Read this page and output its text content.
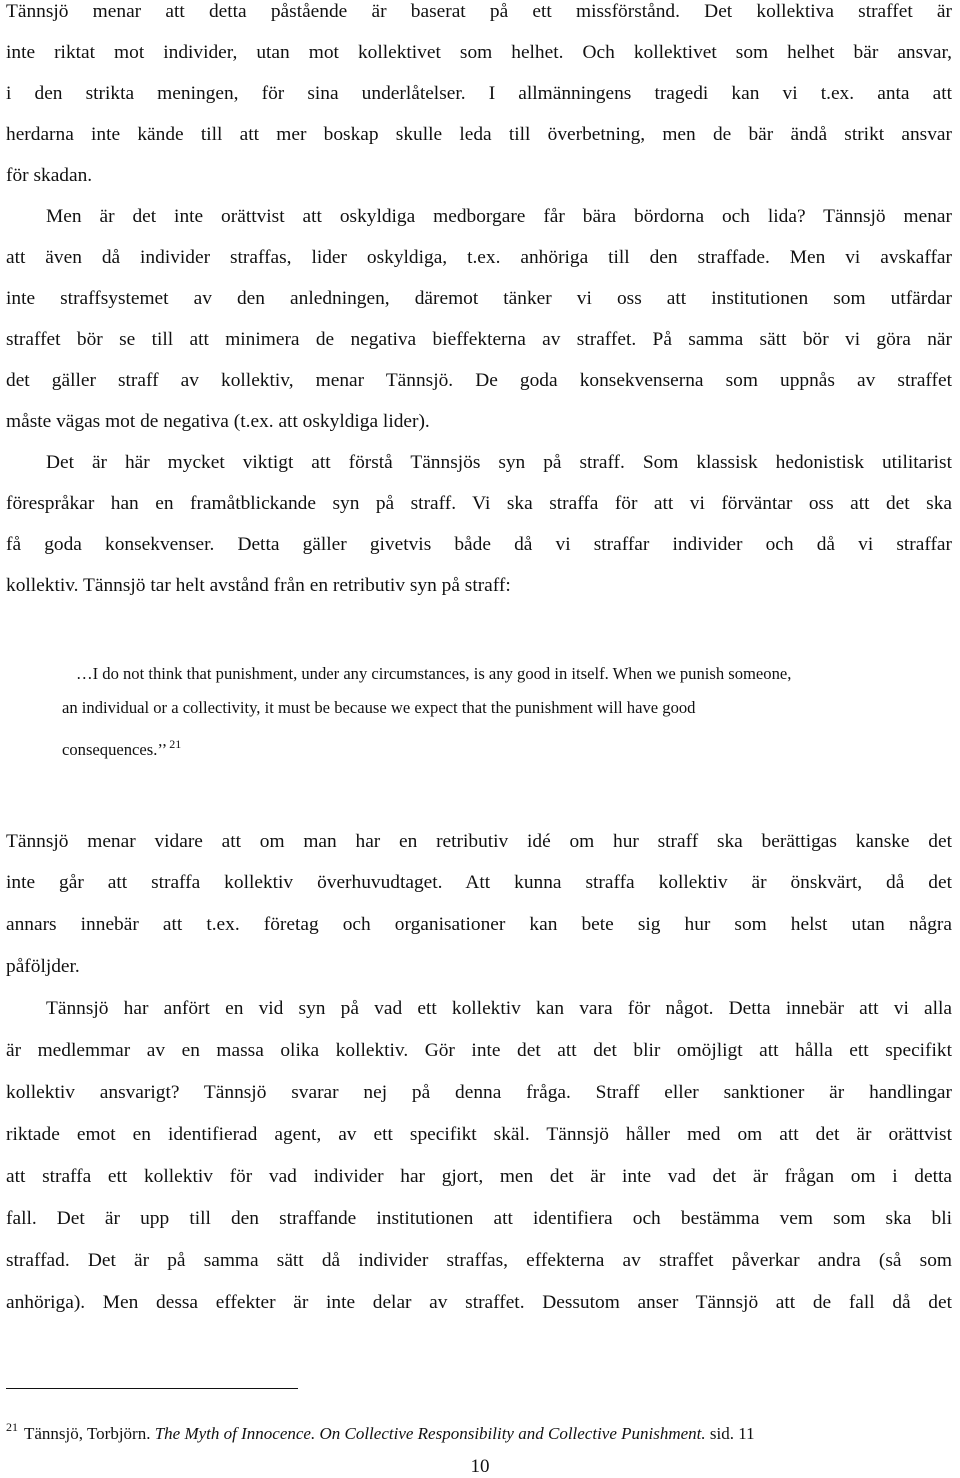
Tännsjö menar att detta påstående är baserat på ett missförstånd. Det kollektiva straffet är
inte riktat mot individer, utan mot kollektivet som helhet. Och kollektivet som helhet bär ansvar,
i den strikta meningen, för sina underlåtelser. I allmänningens tragedi kan vi t.ex. anta att
herdarna inte kände till att mer boskap skulle leda till överbetning, men de bär ändå strikt ansvar
för skadan.
Men är det inte orättvist att oskyldiga medborgare får bära bördorna och lida? Tännsjö menar
att även då individer straffas, lider oskyldiga, t.ex. anhöriga till den straffade. Men vi avskaffar
inte straffsystemet av den anledningen, däremot tänker vi oss att institutionen som utfärdar
straffet bör se till att minimera de negativa bieffekterna av straffet. På samma sätt bör vi göra när
det gäller straff av kollektiv, menar Tännsjö. De goda konsekvenserna som uppnås av straffet
måste vägas mot de negativa (t.ex. att oskyldiga lider).
Det är här mycket viktigt att förstå Tännsjös syn på straff. Som klassisk hedonistisk utilitarist
förespråkar han en framåtblickande syn på straff. Vi ska straffa för att vi förväntar oss att det ska
få goda konsekvenser. Detta gäller givetvis både då vi straffar individer och då vi straffar
kollektiv. Tännsjö tar helt avstånd från en retributiv syn på straff:
…I do not think that punishment, under any circumstances, is any good in itself. When we punish someone,
an individual or a collectivity, it must be because we expect that the punishment will have good
consequences.’’ $^{21}$
Tännsjö menar vidare att om man har en retributiv idé om hur straff ska berättigas kanske det
inte går att straffa kollektiv överhuvudtaget. Att kunna straffa kollektiv är önskvärt, då det
annars innebär att t.ex. företag och organisationer kan bete sig hur som helst utan några
påföljder.
Tännsjö har anfört en vid syn på vad ett kollektiv kan vara för något. Detta innebär att vi alla
är medlemmar av en massa olika kollektiv. Gör inte det att det blir omöjligt att hålla ett specifikt
kollektiv ansvarigt? Tännsjö svarar nej på denna fråga. Straff eller sanktioner är handlingar
riktade emot en identifierad agent, av ett specifikt skäl. Tännsjö håller med om att det är orättvist
att straffa ett kollektiv för vad individer har gjort, men det är inte vad det är frågan om i detta
fall. Det är upp till den straffande institutionen att identifiera och bestämma vem som ska bli
straffad. Det är på samma sätt då individer straffas, effekterna av straffet påverkar andra (så som
anhöriga). Men dessa effekter är inte delar av straffet. Dessutom anser Tännsjö att de fall då det
$^{21}$ Tännsjö, Torbjörn. The Myth of Innocence. On Collective Responsibility and Collective Punishment. sid. 11
10
